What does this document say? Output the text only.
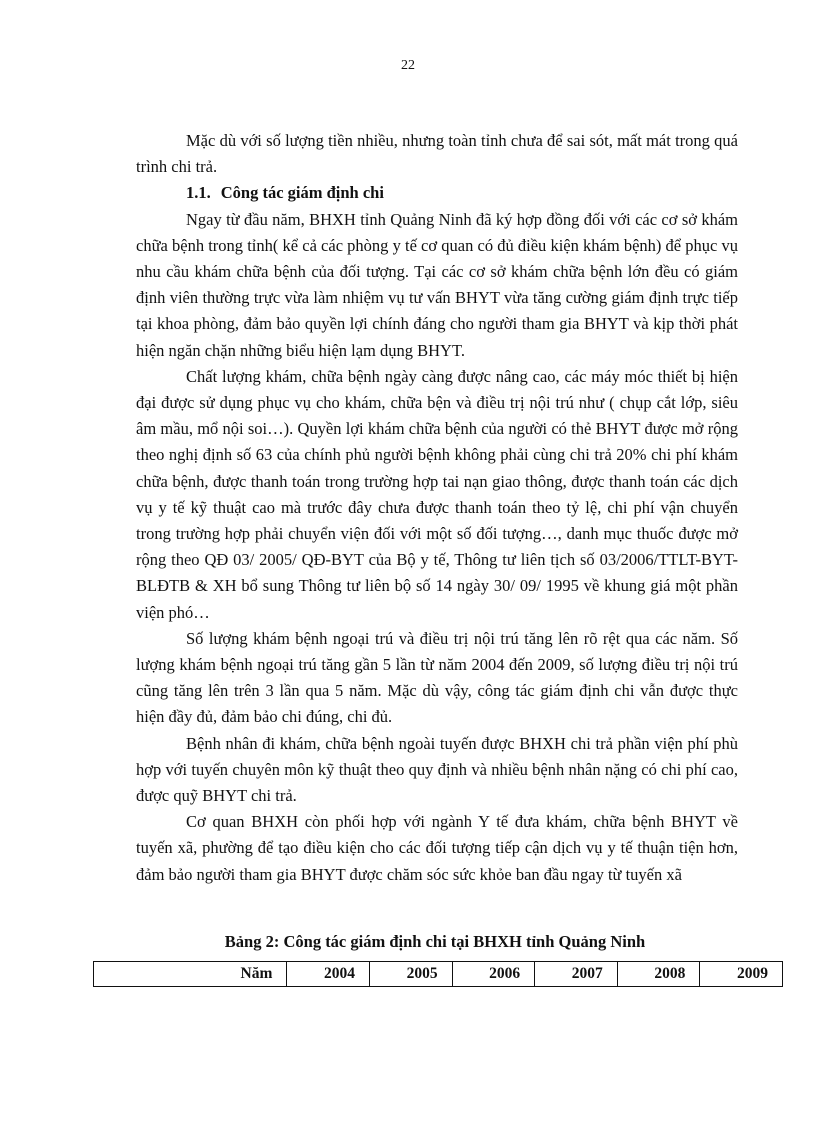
22

Mặc dù với số lượng tiền nhiều, nhưng toàn tỉnh chưa để sai sót, mất mát trong quá trình chi trả.

1.1. Công tác giám định chi

Ngay từ đầu năm, BHXH tỉnh Quảng Ninh đã ký hợp đồng đối với các cơ sở khám chữa bệnh trong tỉnh( kể cả các phòng y tế cơ quan có đủ điều kiện khám bệnh) để phục vụ nhu cầu khám chữa bệnh của đối tượng. Tại các cơ sở khám chữa bệnh lớn đều có giám định viên thường trực vừa làm nhiệm vụ tư vấn BHYT vừa tăng cường giám định trực tiếp tại khoa phòng, đảm bảo quyền lợi chính đáng cho người tham gia BHYT và kịp thời phát hiện ngăn chặn những biểu hiện lạm dụng BHYT.

Chất lượng khám, chữa bệnh ngày càng được nâng cao, các máy móc thiết bị hiện đại được sử dụng phục vụ cho khám, chữa bện và điều trị nội trú như ( chụp cắt lớp, siêu âm mầu, mổ nội soi…). Quyền lợi khám chữa bệnh của người có thẻ BHYT được mở rộng theo nghị định số 63 của chính phủ người bệnh không phải cùng chi trả 20% chi phí khám chữa bệnh, được thanh toán trong trường hợp tai nạn giao thông, được thanh toán các dịch vụ y tế kỹ thuật cao mà trước đây chưa được thanh toán theo tỷ lệ, chi phí vận chuyển trong trường hợp phải chuyển viện đối với một số đối tượng…, danh mục thuốc được mở rộng theo QĐ 03/ 2005/ QĐ-BYT của Bộ y tế, Thông tư liên tịch số 03/2006/TTLT-BYT-BLĐTB & XH bổ sung Thông tư liên bộ số 14 ngày 30/ 09/ 1995 về khung giá một phần viện phó…

Số lượng khám bệnh ngoại trú và điều trị nội trú tăng lên rõ rệt qua các năm. Số lượng khám bệnh ngoại trú tăng gần 5 lần từ năm 2004 đến 2009, số lượng điều trị nội trú cũng tăng lên trên 3 lần qua 5 năm. Mặc dù vậy, công tác giám định chi vẫn được thực hiện đầy đủ, đảm bảo chi đúng, chi đủ.

Bệnh nhân đi khám, chữa bệnh ngoài tuyến được BHXH chi trả phần viện phí phù hợp với tuyến chuyên môn kỹ thuật theo quy định và nhiều bệnh nhân nặng có chi phí cao, được quỹ BHYT chi trả.

Cơ quan BHXH còn phối hợp với ngành Y tế đưa khám, chữa bệnh BHYT về tuyến xã, phường để tạo điều kiện cho các đối tượng tiếp cận dịch vụ y tế thuận tiện hơn, đảm bảo người tham gia BHYT được chăm sóc sức khỏe ban đầu ngay từ tuyến xã

Bảng 2: Công tác giám định chi tại BHXH tỉnh Quảng Ninh
Năm	2004	2005	2006	2007	2008	2009
